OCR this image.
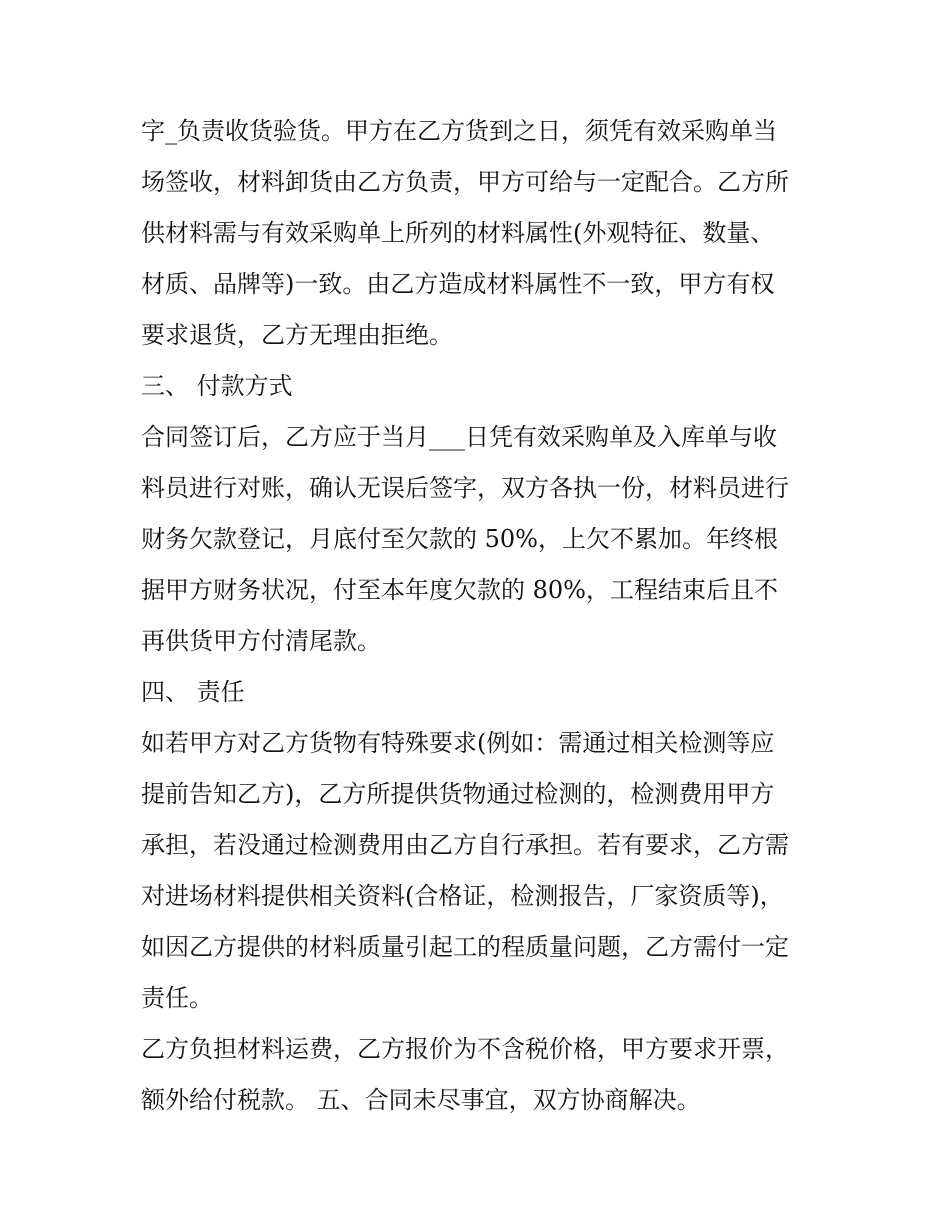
字_负责收货验货。甲方在乙方货到之日，须凭有效采购单当
场签收，材料卸货由乙方负责，甲方可给与一定配合。乙方所
供材料需与有效采购单上所列的材料属性(外观特征、数量、
材质、品牌等)一致。由乙方造成材料属性不一致，甲方有权
要求退货，乙方无理由拒绝。
三、 付款方式
合同签订后，乙方应于当月___日凭有效采购单及入库单与收
料员进行对账，确认无误后签字，双方各执一份，材料员进行
财务欠款登记，月底付至欠款的 50%，上欠不累加。年终根
据甲方财务状况，付至本年度欠款的 80%，工程结束后且不
再供货甲方付清尾款。
四、 责任
如若甲方对乙方货物有特殊要求(例如：需通过相关检测等应
提前告知乙方)，乙方所提供货物通过检测的，检测费用甲方
承担，若没通过检测费用由乙方自行承担。若有要求，乙方需
对进场材料提供相关资料(合格证，检测报告，厂家资质等)，
如因乙方提供的材料质量引起工的程质量问题，乙方需付一定
责任。
乙方负担材料运费，乙方报价为不含税价格，甲方要求开票，
额外给付税款。 五、合同未尽事宜，双方协商解决。
